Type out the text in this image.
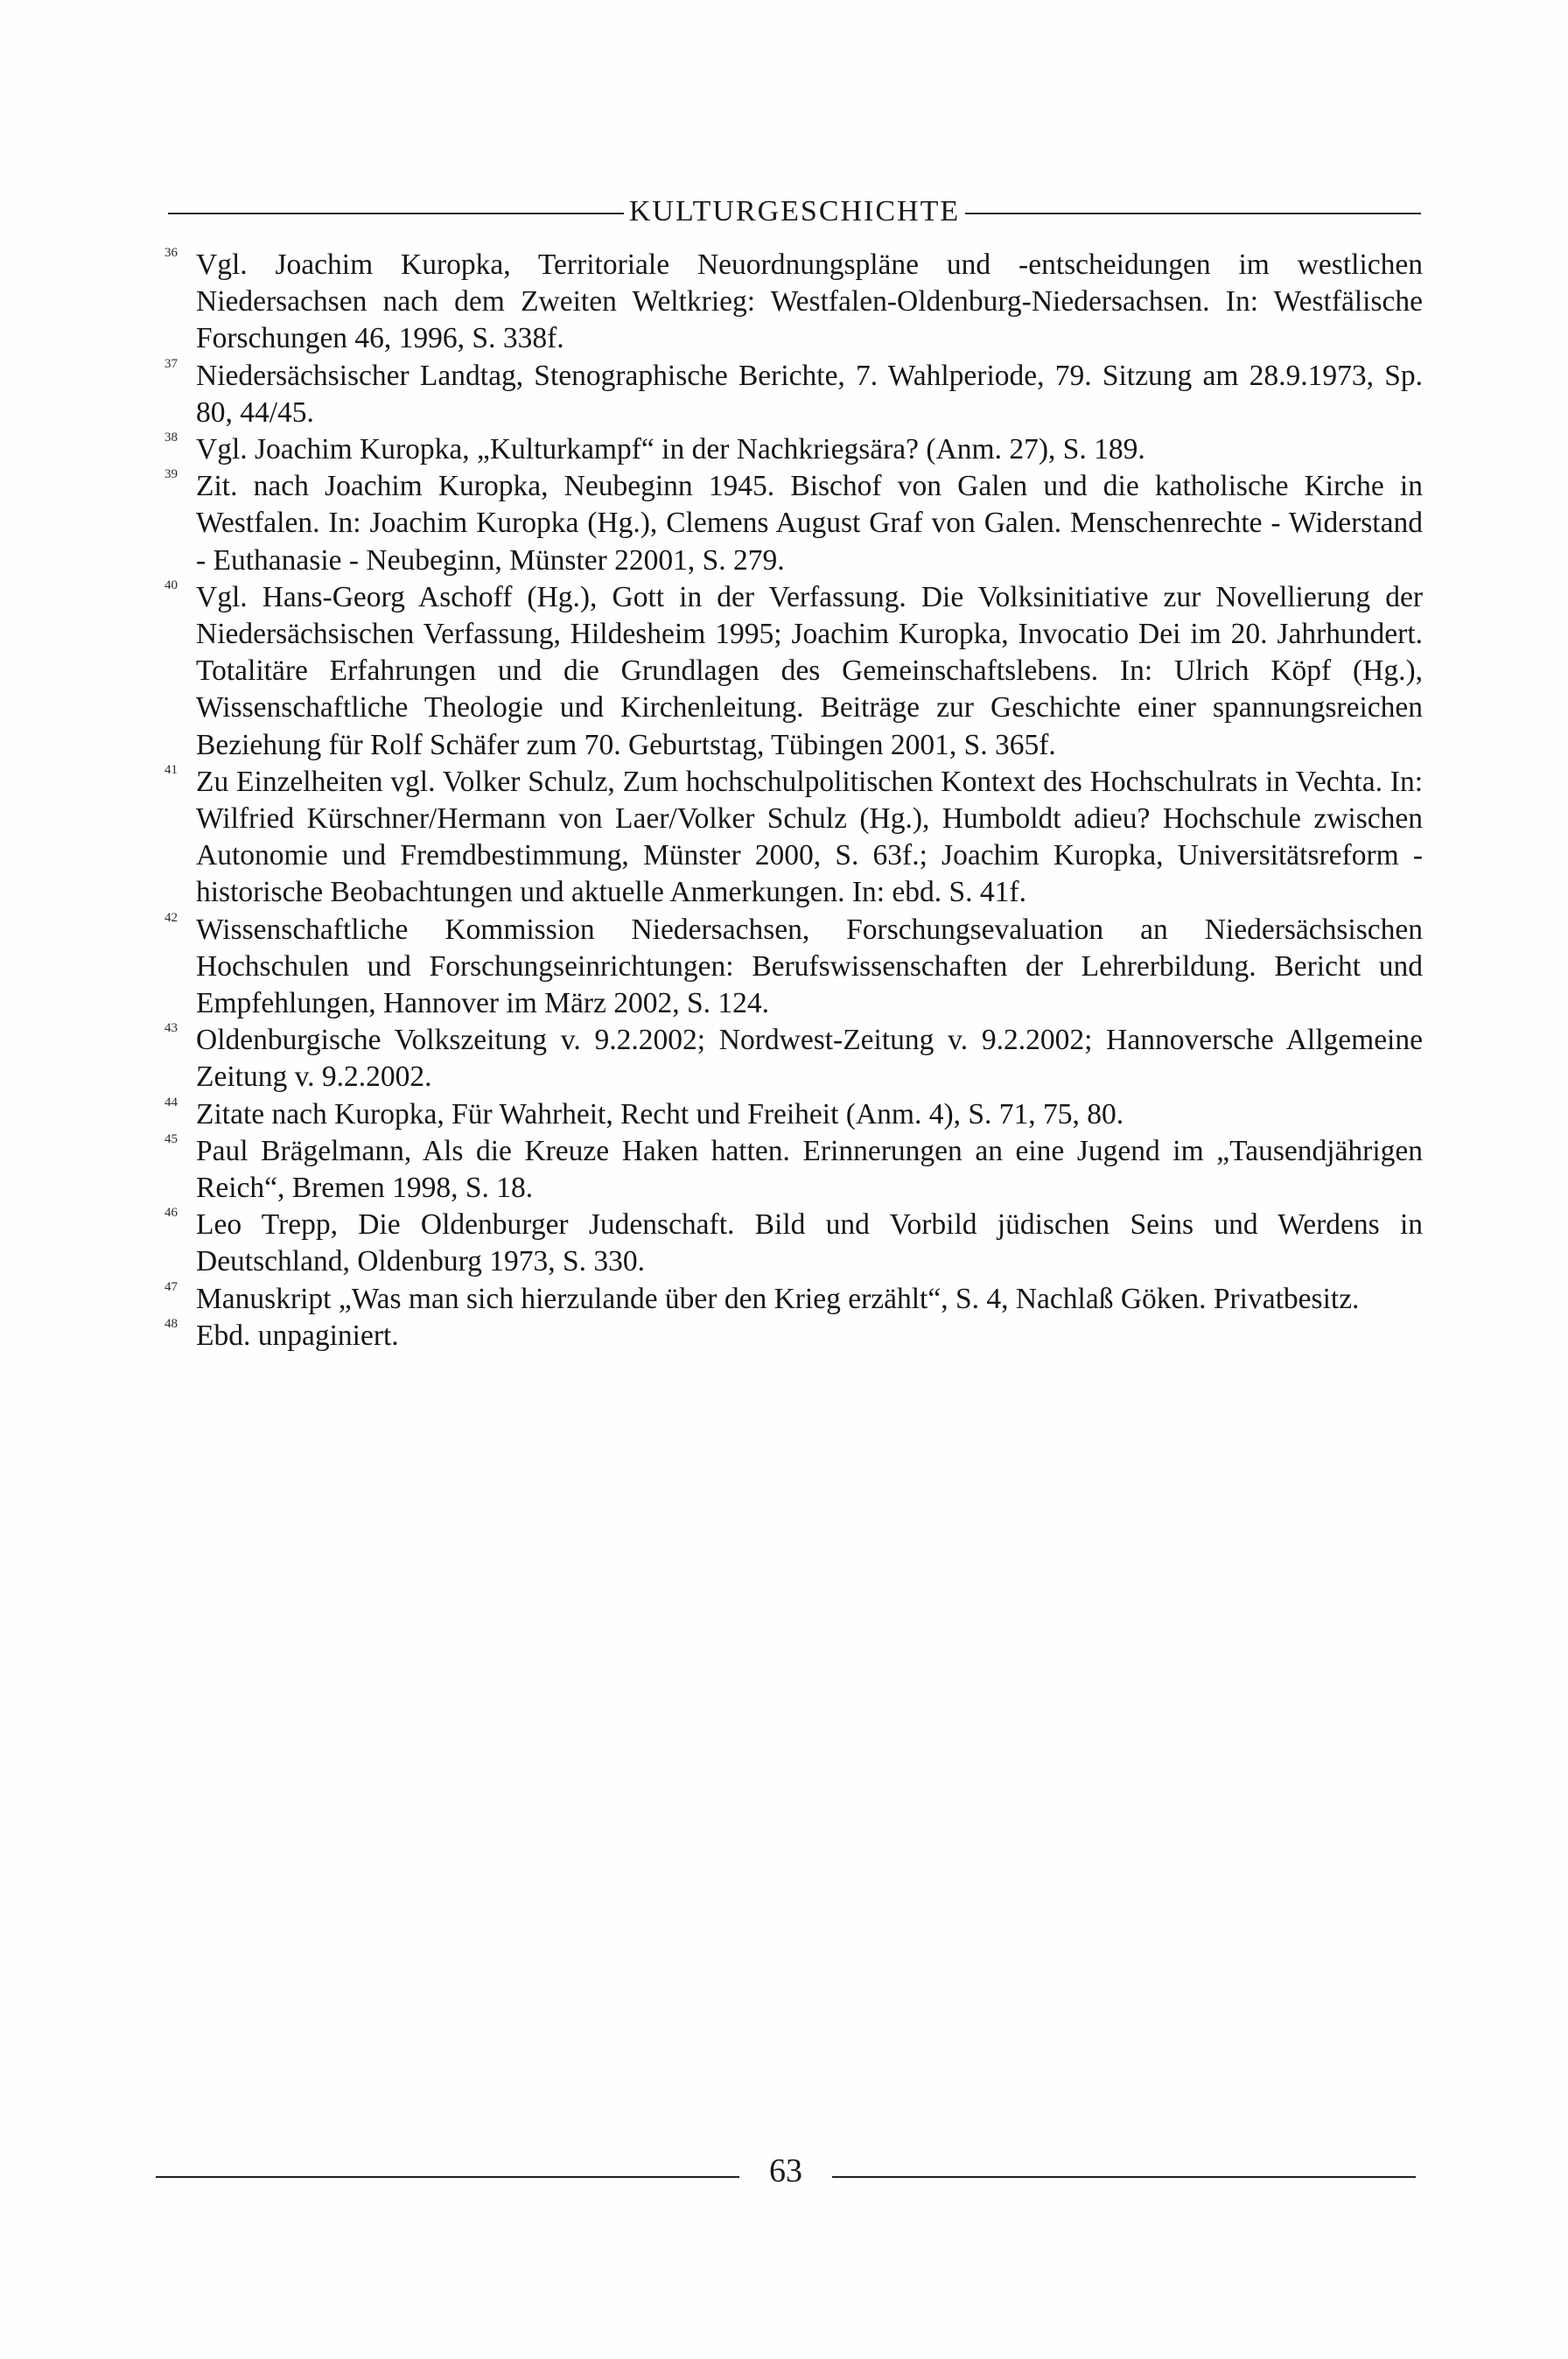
KULTURGESCHICHTE
36 Vgl. Joachim Kuropka, Territoriale Neuordnungspläne und -entscheidungen im westlichen Niedersachsen nach dem Zweiten Weltkrieg: Westfalen-Oldenburg-Niedersachsen. In: Westfälische Forschungen 46, 1996, S. 338f.
37 Niedersächsischer Landtag, Stenographische Berichte, 7. Wahlperiode, 79. Sitzung am 28.9.1973, Sp. 80, 44/45.
38 Vgl. Joachim Kuropka, „Kulturkampf“ in der Nachkriegsära? (Anm. 27), S. 189.
39 Zit. nach Joachim Kuropka, Neubeginn 1945. Bischof von Galen und die katholische Kirche in Westfalen. In: Joachim Kuropka (Hg.), Clemens August Graf von Galen. Menschenrechte - Widerstand - Euthanasie - Neubeginn, Münster 22001, S. 279.
40 Vgl. Hans-Georg Aschoff (Hg.), Gott in der Verfassung. Die Volksinitiative zur Novellierung der Niedersächsischen Verfassung, Hildesheim 1995; Joachim Kuropka, Invocatio Dei im 20. Jahrhundert. Totalitäre Erfahrungen und die Grundlagen des Gemeinschaftslebens. In: Ulrich Köpf (Hg.), Wissenschaftliche Theologie und Kirchenleitung. Beiträge zur Geschichte einer spannungsreichen Beziehung für Rolf Schäfer zum 70. Geburtstag, Tübingen 2001, S. 365f.
41 Zu Einzelheiten vgl. Volker Schulz, Zum hochschulpolitischen Kontext des Hochschulrats in Vechta. In: Wilfried Kürschner/Hermann von Laer/Volker Schulz (Hg.), Humboldt adieu? Hochschule zwischen Autonomie und Fremdbestimmung, Münster 2000, S. 63f.; Joachim Kuropka, Universitätsreform - historische Beobachtungen und aktuelle Anmerkungen. In: ebd. S. 41f.
42 Wissenschaftliche Kommission Niedersachsen, Forschungsevaluation an Niedersächsischen Hochschulen und Forschungseinrichtungen: Berufswissenschaften der Lehrerbildung. Bericht und Empfehlungen, Hannover im März 2002, S. 124.
43 Oldenburgische Volkszeitung v. 9.2.2002; Nordwest-Zeitung v. 9.2.2002; Hannoversche Allgemeine Zeitung v. 9.2.2002.
44 Zitate nach Kuropka, Für Wahrheit, Recht und Freiheit (Anm. 4), S. 71, 75, 80.
45 Paul Brägelmann, Als die Kreuze Haken hatten. Erinnerungen an eine Jugend im „Tausendjährigen Reich“, Bremen 1998, S. 18.
46 Leo Trepp, Die Oldenburger Judenschaft. Bild und Vorbild jüdischen Seins und Werdens in Deutschland, Oldenburg 1973, S. 330.
47 Manuskript „Was man sich hierzulande über den Krieg erzählt“, S. 4, Nachlaß Göken. Privatbesitz.
48 Ebd. unpaginiert.
63
